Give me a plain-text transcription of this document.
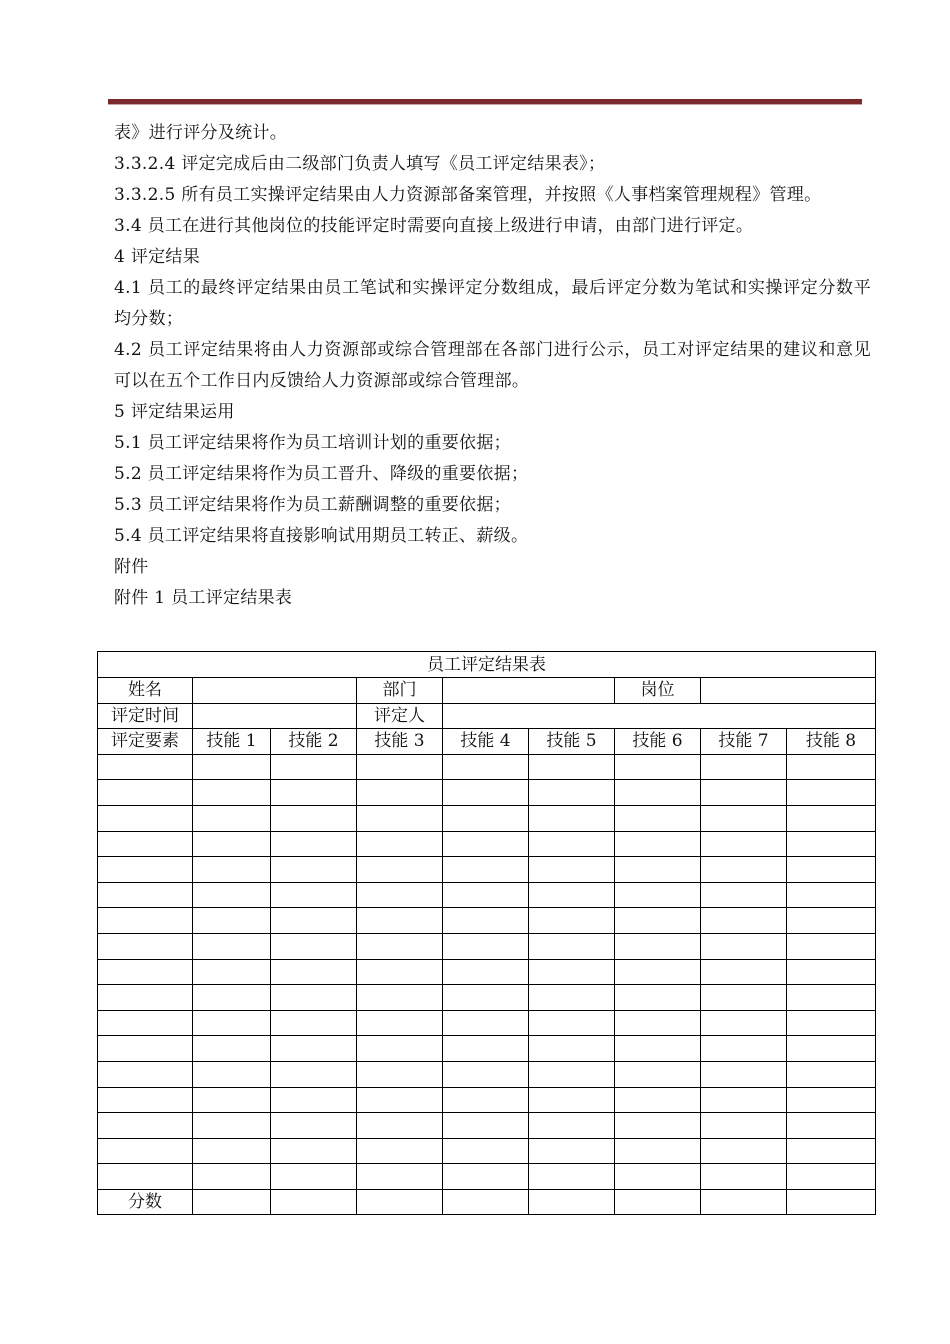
表》进行评分及统计。

3.3.2.4 评定完成后由二级部门负责人填写《员工评定结果表》；

3.3.2.5 所有员工实操评定结果由人力资源部备案管理，并按照《人事档案管理规程》管理。

3.4 员工在进行其他岗位的技能评定时需要向直接上级进行申请，由部门进行评定。

4 评定结果

4.1 员工的最终评定结果由员工笔试和实操评定分数组成，最后评定分数为笔试和实操评定分数平均分数；

4.2 员工评定结果将由人力资源部或综合管理部在各部门进行公示，员工对评定结果的建议和意见可以在五个工作日内反馈给人力资源部或综合管理部。

5 评定结果运用

5.1 员工评定结果将作为员工培训计划的重要依据；

5.2 员工评定结果将作为员工晋升、降级的重要依据；

5.3 员工评定结果将作为员工薪酬调整的重要依据；

5.4 员工评定结果将直接影响试用期员工转正、薪级。

附件

附件 1 员工评定结果表

员工评定结果表								
姓名			部门			岗位		
评定时间			评定人					
评定要素	技能 1	技能 2	技能 3	技能 4	技能 5	技能 6	技能 7	技能 8

分数								
